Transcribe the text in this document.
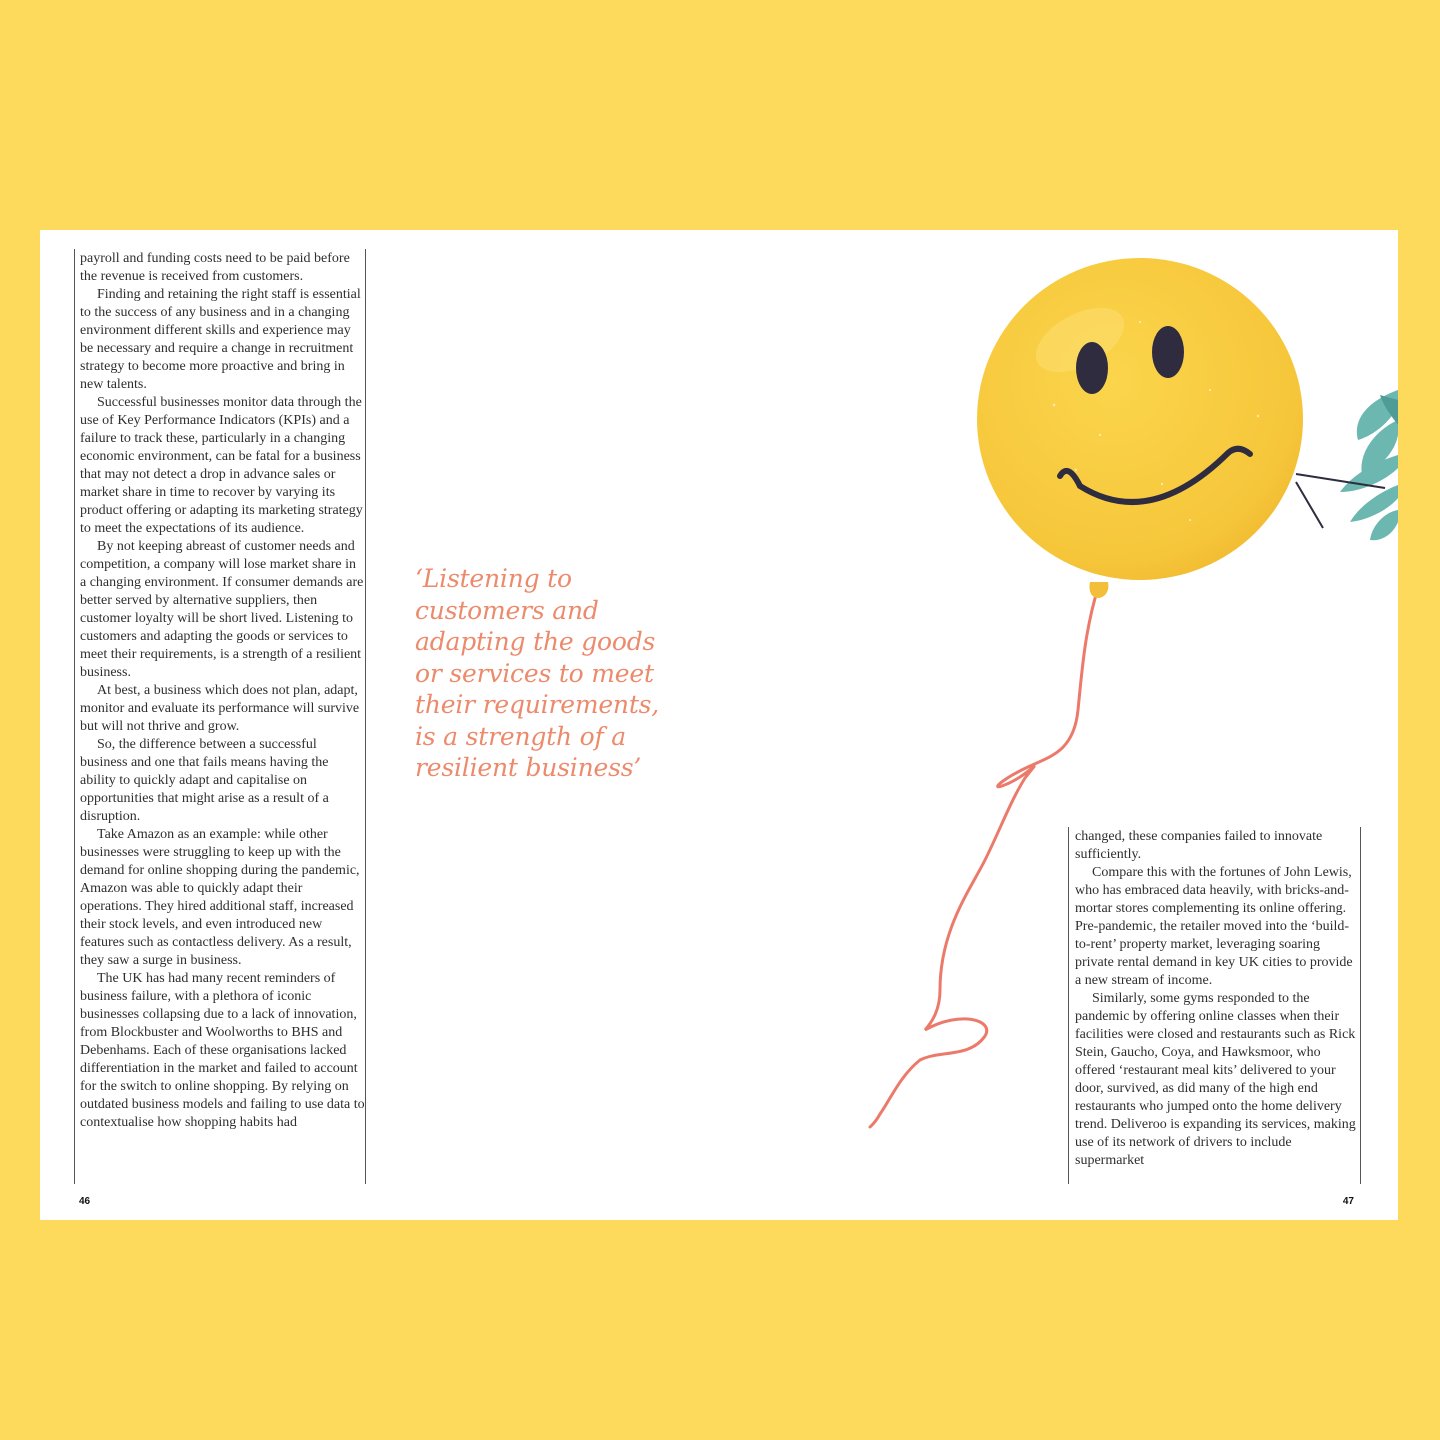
payroll and funding costs need to be paid before the revenue is received from customers.

Finding and retaining the right staff is essential to the success of any business and in a changing environment different skills and experience may be necessary and require a change in recruitment strategy to become more proactive and bring in new talents.

Successful businesses monitor data through the use of Key Performance Indicators (KPIs) and a failure to track these, particularly in a changing economic environment, can be fatal for a business that may not detect a drop in advance sales or market share in time to recover by varying its product offering or adapting its marketing strategy to meet the expectations of its audience.

By not keeping abreast of customer needs and competition, a company will lose market share in a changing environment. If consumer demands are better served by alternative suppliers, then customer loyalty will be short lived. Listening to customers and adapting the goods or services to meet their requirements, is a strength of a resilient business.

At best, a business which does not plan, adapt, monitor and evaluate its performance will survive but will not thrive and grow.

So, the difference between a successful business and one that fails means having the ability to quickly adapt and capitalise on opportunities that might arise as a result of a disruption.

Take Amazon as an example: while other businesses were struggling to keep up with the demand for online shopping during the pandemic, Amazon was able to quickly adapt their operations. They hired additional staff, increased their stock levels, and even introduced new features such as contactless delivery. As a result, they saw a surge in business.

The UK has had many recent reminders of business failure, with a plethora of iconic businesses collapsing due to a lack of innovation, from Blockbuster and Woolworths to BHS and Debenhams. Each of these organisations lacked differentiation in the market and failed to account for the switch to online shopping. By relying on outdated business models and failing to use data to contextualise how shopping habits had

‘Listening to customers and adapting the goods or services to meet their requirements, is a strength of a resilient business’

changed, these companies failed to innovate sufficiently.

Compare this with the fortunes of John Lewis, who has embraced data heavily, with bricks-and-mortar stores complementing its online offering. Pre-pandemic, the retailer moved into the ‘build-to-rent’ property market, leveraging soaring private rental demand in key UK cities to provide a new stream of income.

Similarly, some gyms responded to the pandemic by offering online classes when their facilities were closed and restaurants such as Rick Stein, Gaucho, Coya, and Hawksmoor, who offered ‘restaurant meal kits’ delivered to your door, survived, as did many of the high end restaurants who jumped onto the home delivery trend. Deliveroo is expanding its services, making use of its network of drivers to include supermarket

46	47
